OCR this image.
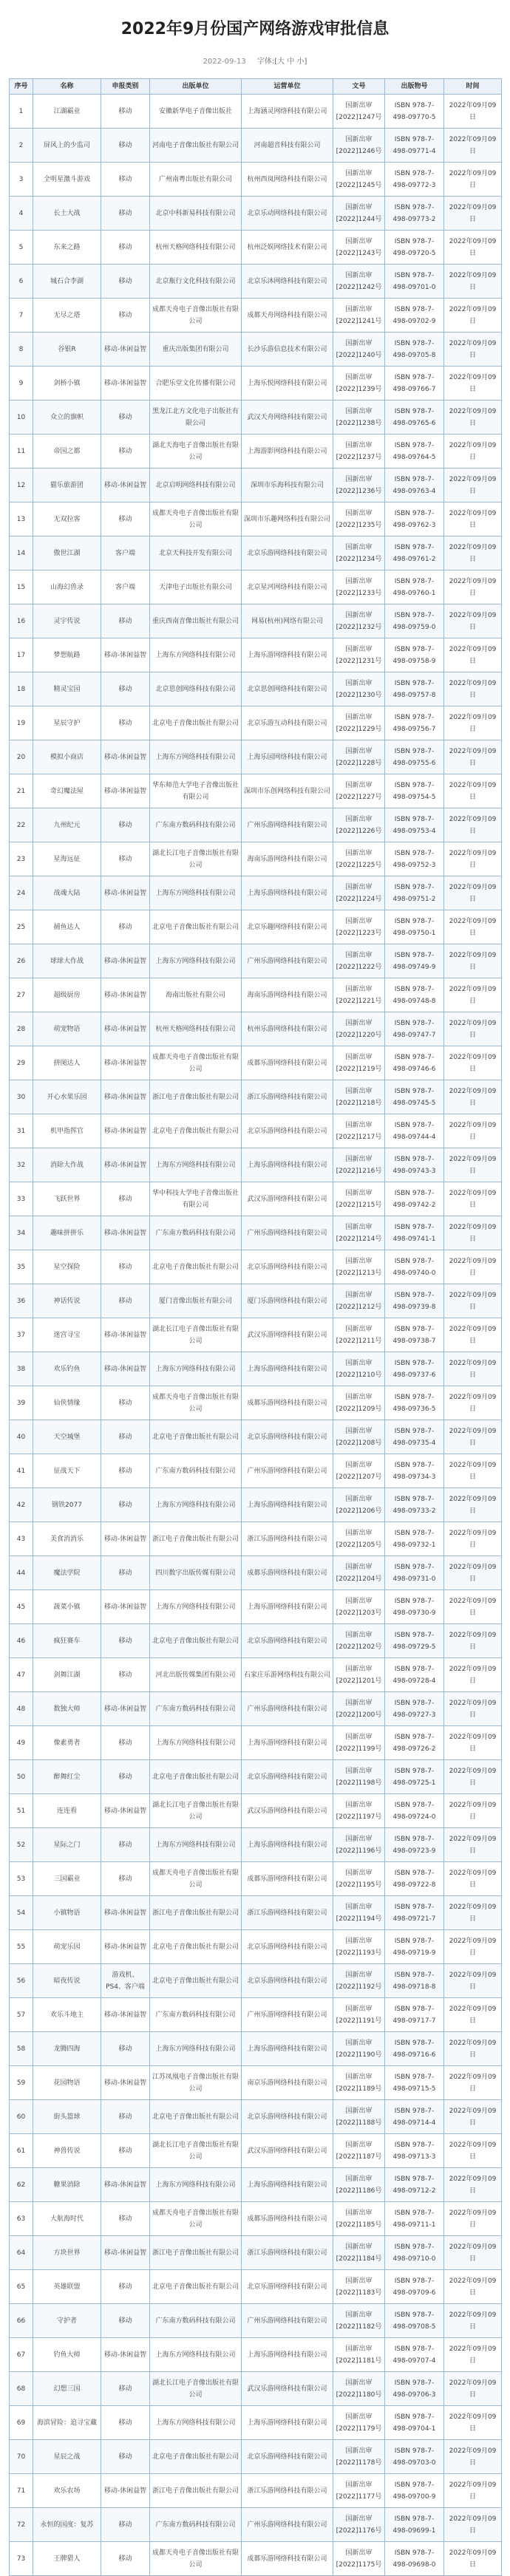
2022年9月份国产网络游戏审批信息
2022-09-13 字体:[大 中 小]
序号	名称	申报类别	出版单位	运营单位	文号	出版物号	时间
1	江湖霸业	移动	安徽新华电子音像出版社	上海涵灵网络科技有限公司	国新出审[2022]1247号	ISBN 978-7-498-09770-5	2022年09月09日
2	屏风上的少监司	移动	河南电子音像出版社有限公司	河南超音科技有限公司	国新出审[2022]1246号	ISBN 978-7-498-09771-4	2022年09月09日
3	全明星激斗游戏	移动	广州南粤出版社有限公司	杭州西岚网络科技有限公司	国新出审[2022]1245号	ISBN 978-7-498-09772-3	2022年09月09日
4	长土大战	移动	北京中科新易科技有限公司	北京乐动网络科技有限公司	国新出审[2022]1244号	ISBN 978-7-498-09773-2	2022年09月09日
5	东来之路	移动	杭州天格网络科技有限公司	杭州泛娱网络技术有限公司	国新出审[2022]1243号	ISBN 978-7-498-09720-5	2022年09月09日
6	城石合李湖	移动	北京瓶行文化科技有限公司	北京乐沐网络科技有限公司	国新出审[2022]1242号	ISBN 978-7-498-09701-0	2022年09月09日
7	无尽之塔	移动	成都天舟电子音像出版社有限公司	成都天舟网络科技有限公司	国新出审[2022]1241号	ISBN 978-7-498-09702-9	2022年09月09日
8	谷银R	移动-休闲益智	重庆出版集团有限公司	长沙乐游信息技术有限公司	国新出审[2022]1240号	ISBN 978-7-498-09705-8	2022年09月09日
9	剑桥小镇	移动-休闲益智	合肥乐堂文化传播有限公司	上海乐悦网络科技有限公司	国新出审[2022]1239号	ISBN 978-7-498-09766-7	2022年09月09日
10	众立的旗帜	移动	黑龙江北方文化电子出版社有限公司	武汉天舟网络科技有限公司	国新出审[2022]1238号	ISBN 978-7-498-09765-6	2022年09月09日
11	帝国之都	移动	湖北天海电子音像出版社有限公司	上海游影网络科技有限公司	国新出审[2022]1237号	ISBN 978-7-498-09764-5	2022年09月09日
12	猫乐旅游团	移动-休闲益智	北京启明网络科技有限公司	深圳市乐海科技有限公司	国新出审[2022]1236号	ISBN 978-7-498-09763-4	2022年09月09日
13	无双拉客	移动	成都天舟电子音像出版社有限公司	深圳市乐趣网络科技有限公司	国新出审[2022]1235号	ISBN 978-7-498-09762-3	2022年09月09日
14	傲世江湖	客户端	北京天科技开发有限公司	北京乐游网络科技有限公司	国新出审[2022]1234号	ISBN 978-7-498-09761-2	2022年09月09日
15	山海幻兽录	客户端	天津电子出版社有限公司	北京星河网络科技有限公司	国新出审[2022]1233号	ISBN 978-7-498-09760-1	2022年09月09日
16	灵宇传说	移动	重庆西南音像出版社有限公司	网易(杭州)网络有限公司	国新出审[2022]1232号	ISBN 978-7-498-09759-0	2022年09月09日
17	梦想航路	移动-休闲益智	上海东方网络科技有限公司	上海乐游网络科技有限公司	国新出审[2022]1231号	ISBN 978-7-498-09758-9	2022年09月09日
18	精灵宝园	移动	北京思创网络科技有限公司	北京思创网络科技有限公司	国新出审[2022]1230号	ISBN 978-7-498-09757-8	2022年09月09日
19	星辰守护	移动	北京电子音像出版社有限公司	北京乐游互动科技有限公司	国新出审[2022]1229号	ISBN 978-7-498-09756-7	2022年09月09日
20	模拟小商店	移动-休闲益智	上海东方网络科技有限公司	上海乐园网络科技有限公司	国新出审[2022]1228号	ISBN 978-7-498-09755-6	2022年09月09日
21	奇幻魔法屋	移动-休闲益智	华东师范大学电子音像出版社有限公司	深圳市乐创网络科技有限公司	国新出审[2022]1227号	ISBN 978-7-498-09754-5	2022年09月09日
22	九州纪元	移动	广东南方数码科技有限公司	广州乐游网络科技有限公司	国新出审[2022]1226号	ISBN 978-7-498-09753-4	2022年09月09日
23	星海远征	移动	湖北长江电子音像出版社有限公司	海南乐游网络科技有限公司	国新出审[2022]1225号	ISBN 978-7-498-09752-3	2022年09月09日
24	战魂大陆	移动-休闲益智	上海东方网络科技有限公司	上海乐游网络科技有限公司	国新出审[2022]1224号	ISBN 978-7-498-09751-2	2022年09月09日
25	捕鱼达人	移动	北京电子音像出版社有限公司	北京乐趣网络科技有限公司	国新出审[2022]1223号	ISBN 978-7-498-09750-1	2022年09月09日
26	球球大作战	移动-休闲益智	上海东方网络科技有限公司	广州乐游网络科技有限公司	国新出审[2022]1222号	ISBN 978-7-498-09749-9	2022年09月09日
27	超级厨房	移动-休闲益智	海南出版社有限公司	海南乐游网络科技有限公司	国新出审[2022]1221号	ISBN 978-7-498-09748-8	2022年09月09日
28	萌宠物语	移动-休闲益智	杭州天格网络科技有限公司	杭州乐游网络科技有限公司	国新出审[2022]1220号	ISBN 978-7-498-09747-7	2022年09月09日
29	拼图达人	移动-休闲益智	成都天舟电子音像出版社有限公司	成都乐游网络科技有限公司	国新出审[2022]1219号	ISBN 978-7-498-09746-6	2022年09月09日
30	开心水果乐园	移动-休闲益智	浙江电子音像出版社有限公司	浙江乐游网络科技有限公司	国新出审[2022]1218号	ISBN 978-7-498-09745-5	2022年09月09日
31	机甲指挥官	移动-休闲益智	北京电子音像出版社有限公司	北京乐游网络科技有限公司	国新出审[2022]1217号	ISBN 978-7-498-09744-4	2022年09月09日
32	消除大作战	移动-休闲益智	上海东方网络科技有限公司	上海乐游网络科技有限公司	国新出审[2022]1216号	ISBN 978-7-498-09743-3	2022年09月09日
33	飞跃世界	移动	华中科技大学电子音像出版社有限公司	武汉乐游网络科技有限公司	国新出审[2022]1215号	ISBN 978-7-498-09742-2	2022年09月09日
34	趣味拼拼乐	移动-休闲益智	广东南方数码科技有限公司	广州乐游网络科技有限公司	国新出审[2022]1214号	ISBN 978-7-498-09741-1	2022年09月09日
35	星空探险	移动	北京电子音像出版社有限公司	北京乐游网络科技有限公司	国新出审[2022]1213号	ISBN 978-7-498-09740-0	2022年09月09日
36	神话传说	移动	厦门音像出版社有限公司	厦门乐游网络科技有限公司	国新出审[2022]1212号	ISBN 978-7-498-09739-8	2022年09月09日
37	迷宫寻宝	移动-休闲益智	湖北长江电子音像出版社有限公司	武汉乐游网络科技有限公司	国新出审[2022]1211号	ISBN 978-7-498-09738-7	2022年09月09日
38	欢乐钓鱼	移动-休闲益智	上海东方网络科技有限公司	上海乐游网络科技有限公司	国新出审[2022]1210号	ISBN 978-7-498-09737-6	2022年09月09日
39	仙侠情缘	移动	成都天舟电子音像出版社有限公司	成都乐游网络科技有限公司	国新出审[2022]1209号	ISBN 978-7-498-09736-5	2022年09月09日
40	天空城堡	移动	北京电子音像出版社有限公司	北京乐游网络科技有限公司	国新出审[2022]1208号	ISBN 978-7-498-09735-4	2022年09月09日
41	征战天下	移动	广东南方数码科技有限公司	广州乐游网络科技有限公司	国新出审[2022]1207号	ISBN 978-7-498-09734-3	2022年09月09日
42	钢铁2077	移动	上海东方网络科技有限公司	上海乐游网络科技有限公司	国新出审[2022]1206号	ISBN 978-7-498-09733-2	2022年09月09日
43	美食消消乐	移动-休闲益智	浙江电子音像出版社有限公司	浙江乐游网络科技有限公司	国新出审[2022]1205号	ISBN 978-7-498-09732-1	2022年09月09日
44	魔法学院	移动	四川数字出版传媒有限公司	成都乐游网络科技有限公司	国新出审[2022]1204号	ISBN 978-7-498-09731-0	2022年09月09日
45	蔬菜小镇	移动-休闲益智	上海东方网络科技有限公司	上海乐游网络科技有限公司	国新出审[2022]1203号	ISBN 978-7-498-09730-9	2022年09月09日
46	疯狂赛车	移动	北京电子音像出版社有限公司	北京乐游网络科技有限公司	国新出审[2022]1202号	ISBN 978-7-498-09729-5	2022年09月09日
47	剑舞江湖	移动	河北出版传媒集团有限公司	石家庄乐游网络科技有限公司	国新出审[2022]1201号	ISBN 978-7-498-09728-4	2022年09月09日
48	数独大师	移动-休闲益智	广东南方数码科技有限公司	广州乐游网络科技有限公司	国新出审[2022]1200号	ISBN 978-7-498-09727-3	2022年09月09日
49	像素勇者	移动	上海东方网络科技有限公司	上海乐游网络科技有限公司	国新出审[2022]1199号	ISBN 978-7-498-09726-2	2022年09月09日
50	醉舞红尘	移动	北京电子音像出版社有限公司	北京乐游网络科技有限公司	国新出审[2022]1198号	ISBN 978-7-498-09725-1	2022年09月09日
51	连连看	移动-休闲益智	湖北长江电子音像出版社有限公司	武汉乐游网络科技有限公司	国新出审[2022]1197号	ISBN 978-7-498-09724-0	2022年09月09日
52	星际之门	移动	上海东方网络科技有限公司	上海乐游网络科技有限公司	国新出审[2022]1196号	ISBN 978-7-498-09723-9	2022年09月09日
53	三国霸业	移动	成都天舟电子音像出版社有限公司	成都乐游网络科技有限公司	国新出审[2022]1195号	ISBN 978-7-498-09722-8	2022年09月09日
54	小镇物语	移动-休闲益智	浙江电子音像出版社有限公司	浙江乐游网络科技有限公司	国新出审[2022]1194号	ISBN 978-7-498-09721-7	2022年09月09日
55	萌宠乐园	移动-休闲益智	北京电子音像出版社有限公司	北京乐游网络科技有限公司	国新出审[2022]1193号	ISBN 978-7-498-09719-9	2022年09月09日
56	暗夜传说	游戏机、PS4、客户端	北京电子音像出版社有限公司	北京乐游网络科技有限公司	国新出审[2022]1192号	ISBN 978-7-498-09718-8	2022年09月09日
57	欢乐斗地主	移动-休闲益智	广东南方数码科技有限公司	广州乐游网络科技有限公司	国新出审[2022]1191号	ISBN 978-7-498-09717-7	2022年09月09日
58	龙腾四海	移动	上海东方网络科技有限公司	上海乐游网络科技有限公司	国新出审[2022]1190号	ISBN 978-7-498-09716-6	2022年09月09日
59	花园物语	移动-休闲益智	江苏凤凰电子音像出版社有限公司	南京乐游网络科技有限公司	国新出审[2022]1189号	ISBN 978-7-498-09715-5	2022年09月09日
60	街头篮球	移动	北京电子音像出版社有限公司	北京乐游网络科技有限公司	国新出审[2022]1188号	ISBN 978-7-498-09714-4	2022年09月09日
61	神兽传说	移动	湖北长江电子音像出版社有限公司	武汉乐游网络科技有限公司	国新出审[2022]1187号	ISBN 978-7-498-09713-3	2022年09月09日
62	糖果消除	移动-休闲益智	上海东方网络科技有限公司	上海乐游网络科技有限公司	国新出审[2022]1186号	ISBN 978-7-498-09712-2	2022年09月09日
63	大航海时代	移动	成都天舟电子音像出版社有限公司	成都乐游网络科技有限公司	国新出审[2022]1185号	ISBN 978-7-498-09711-1	2022年09月09日
64	方块世界	移动-休闲益智	浙江电子音像出版社有限公司	浙江乐游网络科技有限公司	国新出审[2022]1184号	ISBN 978-7-498-09710-0	2022年09月09日
65	英雄联盟	移动	北京电子音像出版社有限公司	北京乐游网络科技有限公司	国新出审[2022]1183号	ISBN 978-7-498-09709-6	2022年09月09日
66	守护者	移动	广东南方数码科技有限公司	广州乐游网络科技有限公司	国新出审[2022]1182号	ISBN 978-7-498-09708-5	2022年09月09日
67	钓鱼大师	移动-休闲益智	上海东方网络科技有限公司	上海乐游网络科技有限公司	国新出审[2022]1181号	ISBN 978-7-498-09707-4	2022年09月09日
68	幻想三国	移动	湖北长江电子音像出版社有限公司	武汉乐游网络科技有限公司	国新出审[2022]1180号	ISBN 978-7-498-09706-3	2022年09月09日
69	海滨冒险：追寻宝藏	移动	上海东方网络科技有限公司	上海乐游网络科技有限公司	国新出审[2022]1179号	ISBN 978-7-498-09704-1	2022年09月09日
70	星辰之战	移动	北京电子音像出版社有限公司	北京乐游网络科技有限公司	国新出审[2022]1178号	ISBN 978-7-498-09703-0	2022年09月09日
71	欢乐农场	移动-休闲益智	浙江电子音像出版社有限公司	浙江乐游网络科技有限公司	国新出审[2022]1177号	ISBN 978-7-498-09700-9	2022年09月09日
72	永恒的国度：复苏	移动	广东南方数码科技有限公司	广州乐游网络科技有限公司	国新出审[2022]1176号	ISBN 978-7-498-09699-1	2022年09月09日
73	王牌猎人	移动	成都天舟电子音像出版社有限公司	成都乐游网络科技有限公司	国新出审[2022]1175号	ISBN 978-7-498-09698-0	2022年09月09日
